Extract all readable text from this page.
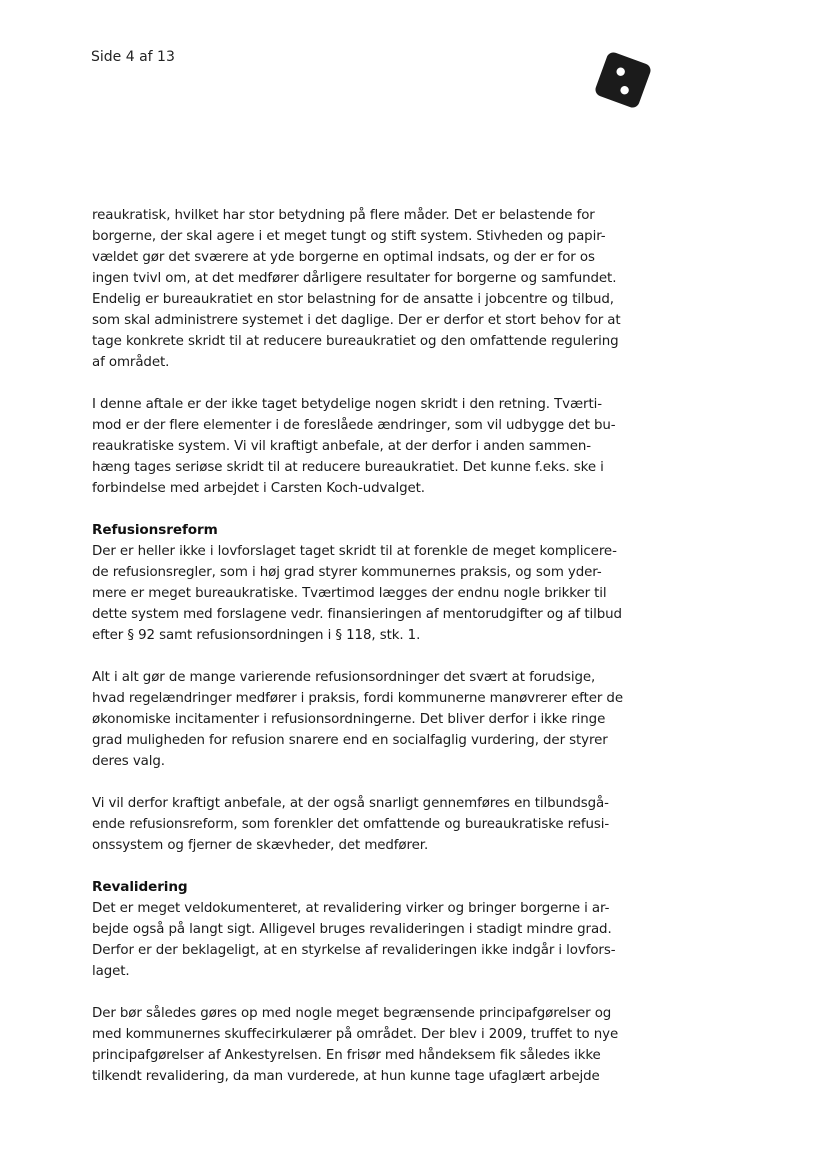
Side 4 af 13
reaukratisk, hvilket har stor betydning på flere måder. Det er belastende for
borgerne, der skal agere i et meget tungt og stift system. Stivheden og papir-
vældet gør det sværere at yde borgerne en optimal indsats, og der er for os
ingen tvivl om, at det medfører dårligere resultater for borgerne og samfundet.
Endelig er bureaukratiet en stor belastning for de ansatte i jobcentre og tilbud,
som skal administrere systemet i det daglige. Der er derfor et stort behov for at
tage konkrete skridt til at reducere bureaukratiet og den omfattende regulering
af området.
I denne aftale er der ikke taget betydelige nogen skridt i den retning. Tværti-
mod er der flere elementer i de foreslåede ændringer, som vil udbygge det bu-
reaukratiske system. Vi vil kraftigt anbefale, at der derfor i anden sammen-
hæng tages seriøse skridt til at reducere bureaukratiet. Det kunne f.eks. ske i
forbindelse med arbejdet i Carsten Koch-udvalget.
Refusionsreform
Der er heller ikke i lovforslaget taget skridt til at forenkle de meget komplicere-
de refusionsregler, som i høj grad styrer kommunernes praksis, og som yder-
mere er meget bureaukratiske. Tværtimod lægges der endnu nogle brikker til
dette system med forslagene vedr. finansieringen af mentorudgifter og af tilbud
efter § 92 samt refusionsordningen i § 118, stk. 1.
Alt i alt gør de mange varierende refusionsordninger det svært at forudsige,
hvad regelændringer medfører i praksis, fordi kommunerne manøvrerer efter de
økonomiske incitamenter i refusionsordningerne. Det bliver derfor i ikke ringe
grad muligheden for refusion snarere end en socialfaglig vurdering, der styrer
deres valg.
Vi vil derfor kraftigt anbefale, at der også snarligt gennemføres en tilbundsgå-
ende refusionsreform, som forenkler det omfattende og bureaukratiske refusi-
onssystem og fjerner de skævheder, det medfører.
Revalidering
Det er meget veldokumenteret, at revalidering virker og bringer borgerne i ar-
bejde også på langt sigt. Alligevel bruges revalideringen i stadigt mindre grad.
Derfor er der beklageligt, at en styrkelse af revalideringen ikke indgår i lovfors-
laget.
Der bør således gøres op med nogle meget begrænsende principafgørelser og
med kommunernes skuffecirkulærer på området. Der blev i 2009, truffet to nye
principafgørelser af Ankestyrelsen. En frisør med håndeksem fik således ikke
tilkendt revalidering, da man vurderede, at hun kunne tage ufaglært arbejde
